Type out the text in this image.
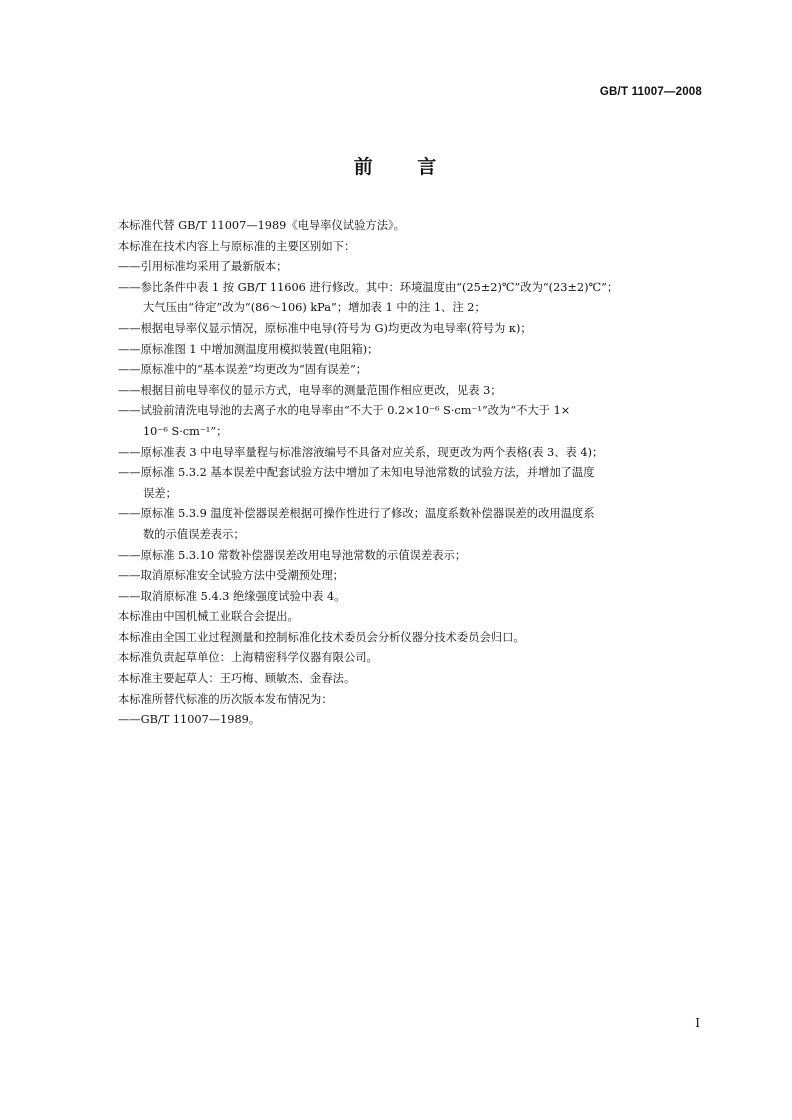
GB/T 11007—2008
前 言
本标准代替 GB/T 11007—1989《电导率仪试验方法》。
本标准在技术内容上与原标准的主要区别如下：
——引用标准均采用了最新版本；
——参比条件中表 1 按 GB/T 11606 进行修改。其中：环境温度由“(25±2)℃”改为“(23±2)℃”；
大气压由“待定”改为“(86～106) kPa”；增加表 1 中的注 1、注 2；
——根据电导率仪显示情况，原标准中电导(符号为 G)均更改为电导率(符号为 κ)；
——原标准图 1 中增加测温度用模拟装置(电阻箱)；
——原标准中的“基本误差”均更改为“固有误差”；
——根据目前电导率仪的显示方式，电导率的测量范围作相应更改，见表 3；
——试验前清洗电导池的去离子水的电导率由“不大于 0.2×10⁻⁶ S·cm⁻¹”改为“不大于 1×
10⁻⁶ S·cm⁻¹”；
——原标准表 3 中电导率量程与标准溶液编号不具备对应关系，现更改为两个表格(表 3、表 4)；
——原标准 5.3.2 基本误差中配套试验方法中增加了未知电导池常数的试验方法，并增加了温度
误差；
——原标准 5.3.9 温度补偿器误差根据可操作性进行了修改；温度系数补偿器误差的改用温度系
数的示值误差表示；
——原标准 5.3.10 常数补偿器误差改用电导池常数的示值误差表示；
——取消原标准安全试验方法中受潮预处理；
——取消原标准 5.4.3 绝缘强度试验中表 4。
本标准由中国机械工业联合会提出。
本标准由全国工业过程测量和控制标准化技术委员会分析仪器分技术委员会归口。
本标准负责起草单位：上海精密科学仪器有限公司。
本标准主要起草人：王巧梅、顾敏杰、金春法。
本标准所替代标准的历次版本发布情况为：
——GB/T 11007—1989。
I
